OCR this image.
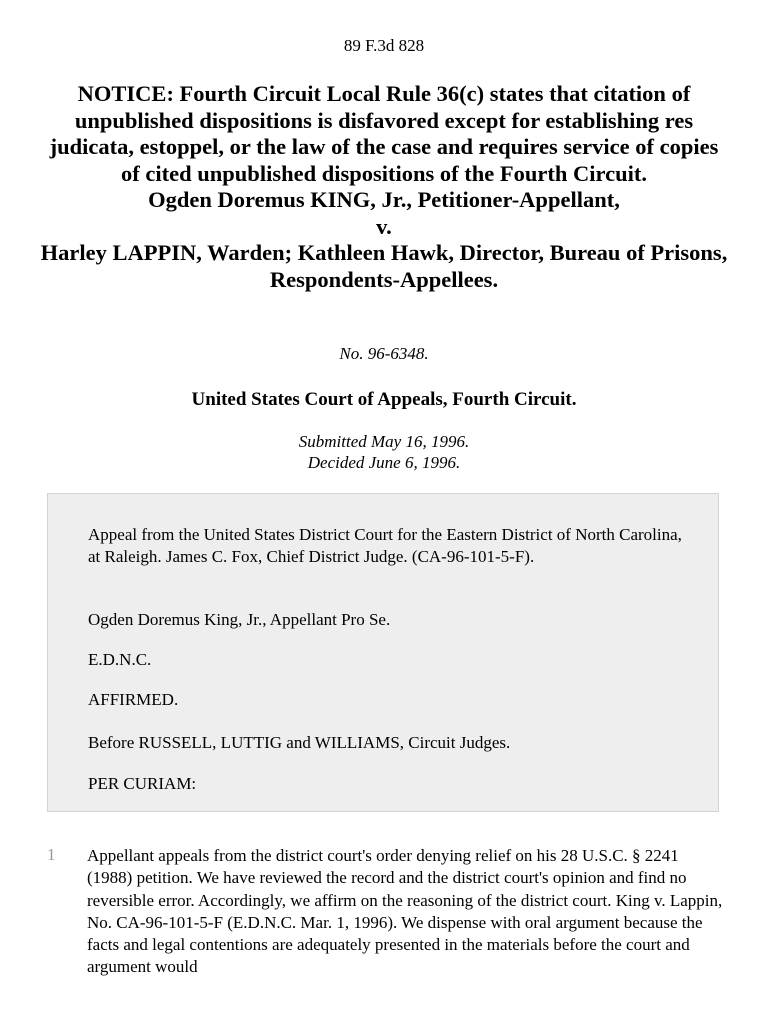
89 F.3d 828
NOTICE: Fourth Circuit Local Rule 36(c) states that citation of unpublished dispositions is disfavored except for establishing res judicata, estoppel, or the law of the case and requires service of copies of cited unpublished dispositions of the Fourth Circuit.
Ogden Doremus KING, Jr., Petitioner-Appellant,
v.
Harley LAPPIN, Warden; Kathleen Hawk, Director, Bureau of Prisons, Respondents-Appellees.
No. 96-6348.
United States Court of Appeals, Fourth Circuit.
Submitted May 16, 1996.
Decided June 6, 1996.

Appeal from the United States District Court for the Eastern District of North Carolina, at Raleigh. James C. Fox, Chief District Judge. (CA-96-101-5-F).

Ogden Doremus King, Jr., Appellant Pro Se.

E.D.N.C.

AFFIRMED.

Before RUSSELL, LUTTIG and WILLIAMS, Circuit Judges.

PER CURIAM:

1 Appellant appeals from the district court's order denying relief on his 28 U.S.C. § 2241 (1988) petition. We have reviewed the record and the district court's opinion and find no reversible error. Accordingly, we affirm on the reasoning of the district court. King v. Lappin, No. CA-96-101-5-F (E.D.N.C. Mar. 1, 1996). We dispense with oral argument because the facts and legal contentions are adequately presented in the materials before the court and argument would
